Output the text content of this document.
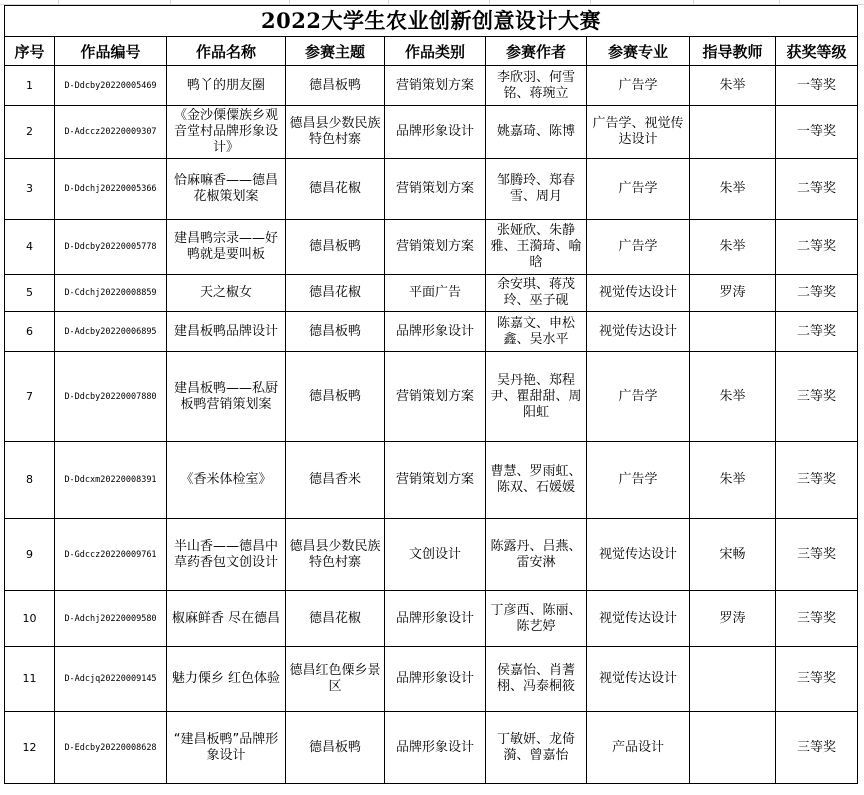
2022大学生农业创新创意设计大赛								
序号	作品编号	作品名称	参赛主题	作品类别	参赛作者	参赛专业	指导教师	获奖等级
1	D-Ddcby20220005469	鸭丫的朋友圈	德昌板鸭	营销策划方案	李欣羽、何雪铭、蒋琬立	广告学	朱举	一等奖
2	D-Adccz20220009307	《金沙傈僳族乡观音堂村品牌形象设计》	德昌县少数民族特色村寨	品牌形象设计	姚嘉琦、陈博	广告学、视觉传达设计		一等奖
3	D-Ddchj20220005366	恰麻嘛香——德昌花椒策划案	德昌花椒	营销策划方案	邹腾玲、郑春雪、周月	广告学	朱举	二等奖
4	D-Ddcby20220005778	建昌鸭宗录——好鸭就是要叫板	德昌板鸭	营销策划方案	张娅欣、朱静雅、王漪琦、喻晗	广告学	朱举	二等奖
5	D-Cdchj20220008859	天之椒女	德昌花椒	平面广告	余安琪、蒋茂玲、巫子砚	视觉传达设计	罗涛	二等奖
6	D-Adcby20220006895	建昌板鸭品牌设计	德昌板鸭	品牌形象设计	陈嘉文、申松鑫、吴水平	视觉传达设计		二等奖
7	D-Ddcby20220007880	建昌板鸭——私厨板鸭营销策划案	德昌板鸭	营销策划方案	吴丹艳、郑程尹、瞿甜甜、周阳虹	广告学	朱举	三等奖
8	D-Ddcxm20220008391	《香米体检室》	德昌香米	营销策划方案	曹慧、罗雨虹、陈双、石媛媛	广告学	朱举	三等奖
9	D-Gdccz20220009761	半山香——德昌中草药香包文创设计	德昌县少数民族特色村寨	文创设计	陈露丹、吕燕、雷安淋	视觉传达设计	宋畅	三等奖
10	D-Adchj20220009580	椒麻鲜香 尽在德昌	德昌花椒	品牌形象设计	丁彦西、陈丽、陈艺婷	视觉传达设计	罗涛	三等奖
11	D-Adcjq20220009145	魅力傈乡 红色体验	德昌红色傈乡景区	品牌形象设计	侯嘉怡、肖蓍栩、冯泰桐筱	视觉传达设计		三等奖
12	D-Edcby20220008628	“建昌板鸭”品牌形象设计	德昌板鸭	品牌形象设计	丁敏妍、龙倚漪、曾嘉怡	产品设计		三等奖
